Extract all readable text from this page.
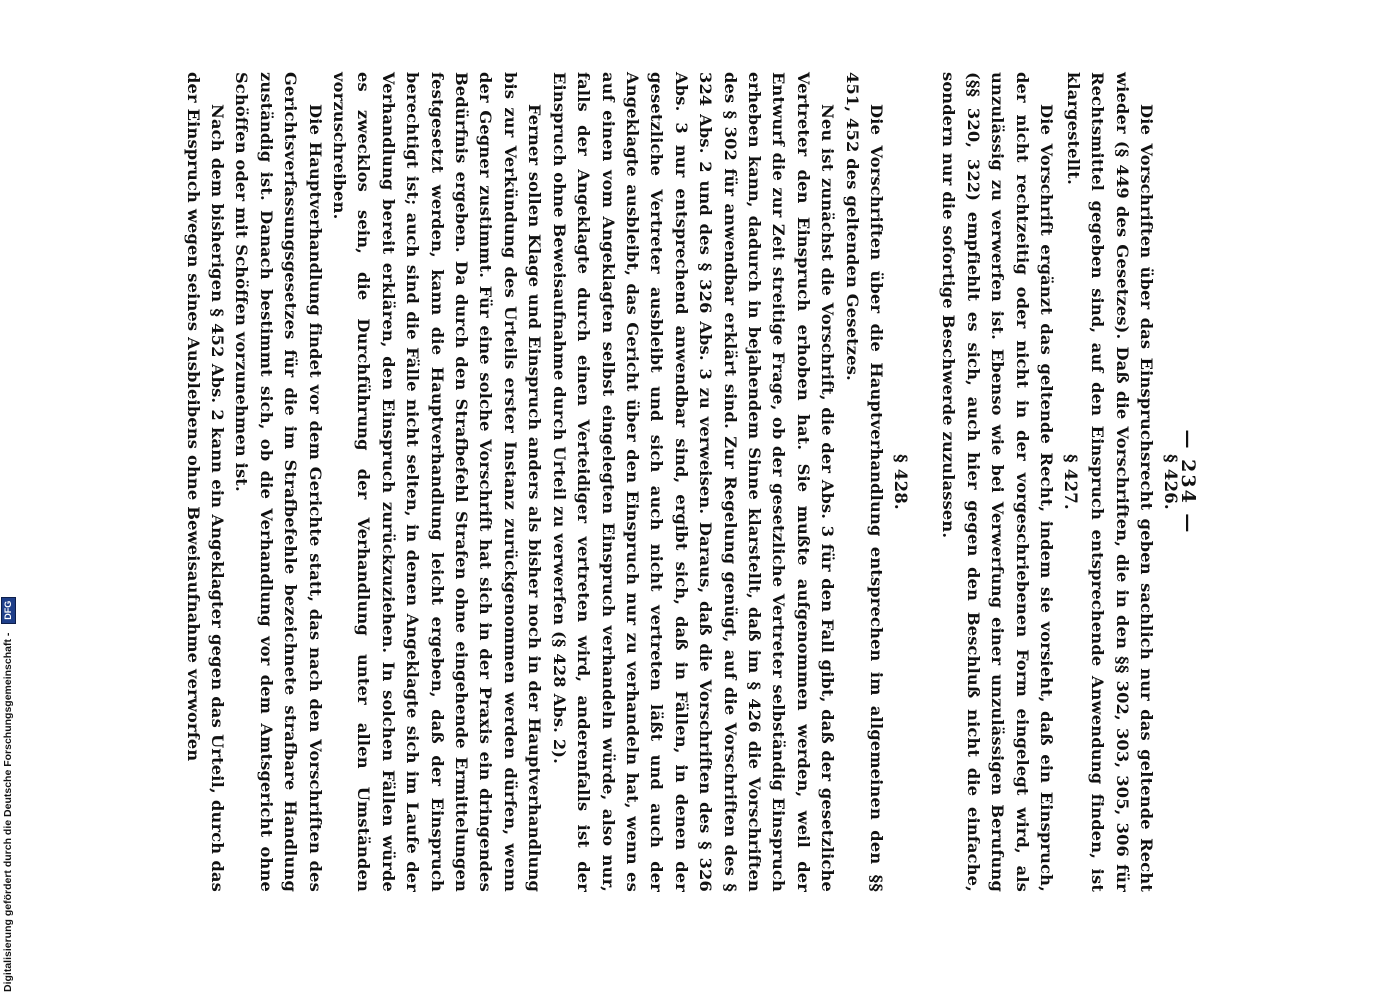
— 234 —

§ 426.

Die Vorschriften über das Einspruchsrecht geben sachlich nur das geltende Recht wieder (§ 449 des Gesetzes). Daß die Vorschriften, die in den §§ 302, 303, 305, 306 für Rechtsmittel gegeben sind, auf den Einspruch entsprechende Anwendung finden, ist klargestellt.

§ 427.

Die Vorschrift ergänzt das geltende Recht, indem sie vorsieht, daß ein Einspruch, der nicht rechtzeitig oder nicht in der vorgeschriebenen Form eingelegt wird, als unzulässig zu verwerfen ist. Ebenso wie bei Verwerfung einer unzulässigen Berufung (§§ 320, 322) empfiehlt es sich, auch hier gegen den Beschluß nicht die einfache, sondern nur die sofortige Beschwerde zuzulassen.

§ 428.

Die Vorschriften über die Hauptverhandlung entsprechen im allgemeinen den §§ 451, 452 des geltenden Gesetzes.

Neu ist zunächst die Vorschrift, die der Abs. 3 für den Fall gibt, daß der gesetzliche Vertreter den Einspruch erhoben hat. Sie mußte aufgenommen werden, weil der Entwurf die zur Zeit streitige Frage, ob der gesetzliche Vertreter selbständig Einspruch erheben kann, dadurch in bejahendem Sinne klarstellt, daß im § 426 die Vorschriften des § 302 für anwendbar erklärt sind. Zur Regelung genügt, auf die Vorschriften des § 324 Abs. 2 und des § 326 Abs. 3 zu verweisen. Daraus, daß die Vorschriften des § 326 Abs. 3 nur entsprechend anwendbar sind, ergibt sich, daß in Fällen, in denen der gesetzliche Vertreter ausbleibt und sich auch nicht vertreten läßt und auch der Angeklagte ausbleibt, das Gericht über den Einspruch nur zu verhandeln hat, wenn es auf einen vom Angeklagten selbst eingelegten Einspruch verhandeln würde, also nur, falls der Angeklagte durch einen Verteidiger vertreten wird, anderenfalls ist der Einspruch ohne Beweisaufnahme durch Urteil zu verwerfen (§ 428 Abs. 2).

Ferner sollen Klage und Einspruch anders als bisher noch in der Hauptverhandlung bis zur Verkündung des Urteils erster Instanz zurückgenommen werden dürfen, wenn der Gegner zustimmt. Für eine solche Vorschrift hat sich in der Praxis ein dringendes Bedürfnis ergeben. Da durch den Strafbefehl Strafen ohne eingehende Ermittelungen festgesetzt werden, kann die Hauptverhandlung leicht ergeben, daß der Einspruch berechtigt ist; auch sind die Fälle nicht selten, in denen Angeklagte sich im Laufe der Verhandlung bereit erklären, den Einspruch zurückzuziehen. In solchen Fällen würde es zwecklos sein, die Durchführung der Verhandlung unter allen Umständen vorzuschreiben.

Die Hauptverhandlung findet vor dem Gerichte statt, das nach den Vorschriften des Gerichtsverfassungsgesetzes für die im Strafbefehle bezeichnete strafbare Handlung zuständig ist. Danach bestimmt sich, ob die Verhandlung vor dem Amtsgericht ohne Schöffen oder mit Schöffen vorzunehmen ist.

Nach dem bisherigen § 452 Abs. 2 kann ein Angeklagter gegen das Urteil, durch das der Einspruch wegen seines Ausbleibens ohne Beweisaufnahme verworfen

Digitalisierung gefördert durch die Deutsche Forschungsgemeinschaft - DFG
